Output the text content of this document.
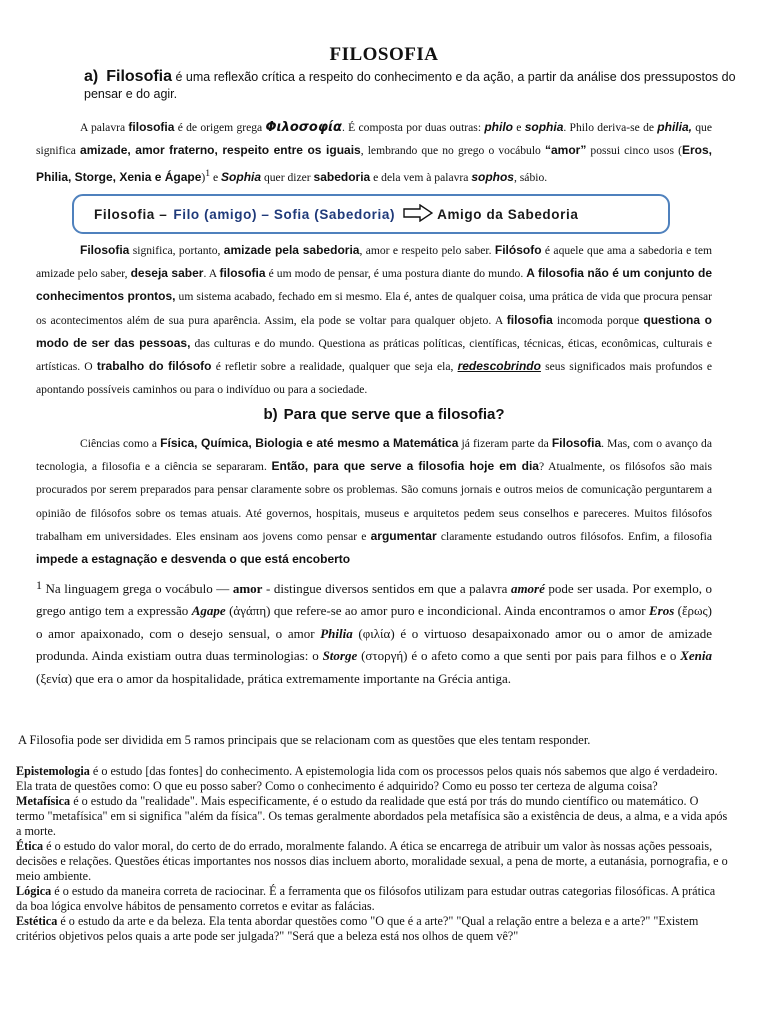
FILOSOFIA
a) Filosofia é uma reflexão crítica a respeito do conhecimento e da ação, a partir da análise dos pressupostos do pensar e do agir.
A palavra filosofia é de origem grega Φιλοσοφία. É composta por duas outras: philo e sophia. Philo deriva-se de philia, que significa amizade, amor fraterno, respeito entre os iguais, lembrando que no grego o vocábulo “amor” possui cinco usos (Eros, Philia, Storge, Xenia e Ágape)$^1$ e Sophia quer dizer sabedoria e dela vem à palavra sophos, sábio.
Filosofia – Filo (amigo) – Sofia (Sabedoria)	Amigo da Sabedoria
Filosofia significa, portanto, amizade pela sabedoria, amor e respeito pelo saber. Filósofo é aquele que ama a sabedoria e tem amizade pelo saber, deseja saber. A filosofia é um modo de pensar, é uma postura diante do mundo. A filosofia não é um conjunto de conhecimentos prontos, um sistema acabado, fechado em si mesmo. Ela é, antes de qualquer coisa, uma prática de vida que procura pensar os acontecimentos além de sua pura aparência. Assim, ela pode se voltar para qualquer objeto. A filosofia incomoda porque questiona o modo de ser das pessoas, das culturas e do mundo. Questiona as práticas políticas, científicas, técnicas, éticas, econômicas, culturais e artísticas. O trabalho do filósofo é refletir sobre a realidade, qualquer que seja ela, redescobrindo seus significados mais profundos e apontando possíveis caminhos ou para o indivíduo ou para a sociedade.
b) Para que serve que a filosofia?
Ciências como a Física, Química, Biologia e até mesmo a Matemática já fizeram parte da Filosofia. Mas, com o avanço da tecnologia, a filosofia e a ciência se separaram. Então, para que serve a filosofia hoje em dia? Atualmente, os filósofos são mais procurados por serem preparados para pensar claramente sobre os problemas. São comuns jornais e outros meios de comunicação perguntarem a opinião de filósofos sobre os temas atuais. Até governos, hospitais, museus e arquitetos pedem seus conselhos e pareceres. Muitos filósofos trabalham em universidades. Eles ensinam aos jovens como pensar e argumentar claramente estudando outros filósofos. Enfim, a filosofia impede a estagnação e desvenda o que está encoberto
$^1$ Na linguagem grega o vocábulo — amor - distingue diversos sentidos em que a palavra amoré pode ser usada. Por exemplo, o grego antigo tem a expressão Agape (ἀγάπη) que refere-se ao amor puro e incondicional. Ainda encontramos o amor Eros (ἔρως) o amor apaixonado, com o desejo sensual, o amor Philia (φιλία) é o virtuoso desapaixonado amor ou o amor de amizade produnda. Ainda existiam outra duas terminologias: o Storge (στοργή) é o afeto como a que senti por pais para filhos e o Xenia (ξενία) que era o amor da hospitalidade, prática extremamente importante na Grécia antiga.
A Filosofia pode ser dividida em 5 ramos principais que se relacionam com as questões que eles tentam responder.

Epistemologia é o estudo [das fontes] do conhecimento. A epistemologia lida com os processos pelos quais nós sabemos que algo é verdadeiro. Ela trata de questões como: O que eu posso saber? Como o conhecimento é adquirido? Como eu posso ter certeza de alguma coisa?

Metafísica é o estudo da "realidade". Mais especificamente, é o estudo da realidade que está por trás do mundo científico ou matemático. O termo "metafísica" em si significa "além da física". Os temas geralmente abordados pela metafísica são a existência de deus, a alma, e a vida após a morte.

Ética é o estudo do valor moral, do certo de do errado, moralmente falando. A ética se encarrega de atribuir um valor às nossas ações pessoais, decisões e relações. Questões éticas importantes nos nossos dias incluem aborto, moralidade sexual, a pena de morte, a eutanásia, pornografia, e o meio ambiente.

Lógica é o estudo da maneira correta de raciocinar. É a ferramenta que os filósofos utilizam para estudar outras categorias filosóficas. A prática da boa lógica envolve hábitos de pensamento corretos e evitar as falácias.

Estética é o estudo da arte e da beleza. Ela tenta abordar questões como "O que é a arte?" "Qual a relação entre a beleza e a arte?" "Existem critérios objetivos pelos quais a arte pode ser julgada?" "Será que a beleza está nos olhos de quem vê?"
